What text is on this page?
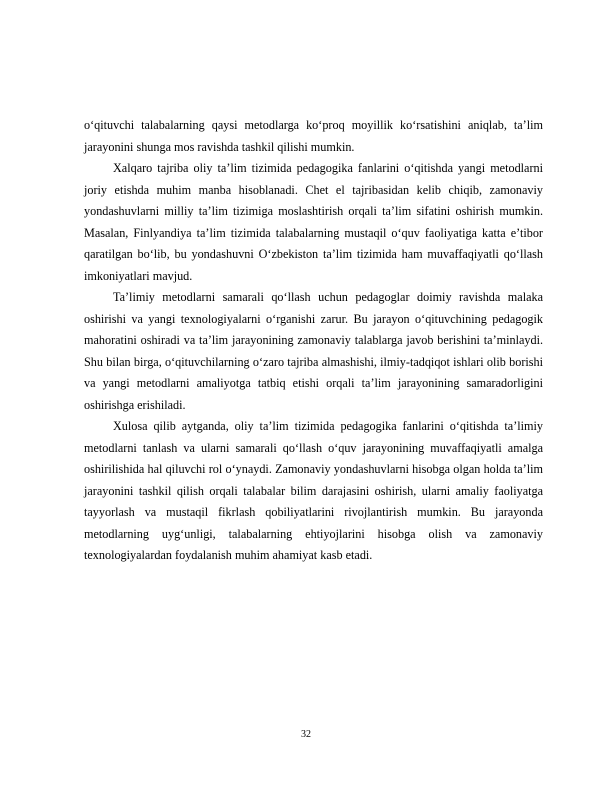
o‘qituvchi talabalarning qaysi metodlarga ko‘proq moyillik ko‘rsatishini aniqlab, ta’lim jarayonini shunga mos ravishda tashkil qilishi mumkin.

Xalqaro tajriba oliy ta’lim tizimida pedagogika fanlarini o‘qitishda yangi metodlarni joriy etishda muhim manba hisoblanadi. Chet el tajribasidan kelib chiqib, zamonaviy yondashuvlarni milliy ta’lim tizimiga moslashtirish orqali ta’lim sifatini oshirish mumkin. Masalan, Finlyandiya ta’lim tizimida talabalarning mustaqil o‘quv faoliyatiga katta e’tibor qaratilgan bo‘lib, bu yondashuvni O‘zbekiston ta’lim tizimida ham muvaffaqiyatli qo‘llash imkoniyatlari mavjud.

Ta’limiy metodlarni samarali qo‘llash uchun pedagoglar doimiy ravishda malaka oshirishi va yangi texnologiyalarni o‘rganishi zarur. Bu jarayon o‘qituvchining pedagogik mahoratini oshiradi va ta’lim jarayonining zamonaviy talablarga javob berishini ta’minlaydi. Shu bilan birga, o‘qituvchilarning o‘zaro tajriba almashishi, ilmiy-tadqiqot ishlari olib borishi va yangi metodlarni amaliyotga tatbiq etishi orqali ta’lim jarayonining samaradorligini oshirishga erishiladi.

Xulosa qilib aytganda, oliy ta’lim tizimida pedagogika fanlarini o‘qitishda ta’limiy metodlarni tanlash va ularni samarali qo‘llash o‘quv jarayonining muvaffaqiyatli amalga oshirilishida hal qiluvchi rol o‘ynaydi. Zamonaviy yondashuvlarni hisobga olgan holda ta’lim jarayonini tashkil qilish orqali talabalar bilim darajasini oshirish, ularni amaliy faoliyatga tayyorlash va mustaqil fikrlash qobiliyatlarini rivojlantirish mumkin. Bu jarayonda metodlarning uyg‘unligi, talabalarning ehtiyojlarini hisobga olish va zamonaviy texnologiyalardan foydalanish muhim ahamiyat kasb etadi.

32
